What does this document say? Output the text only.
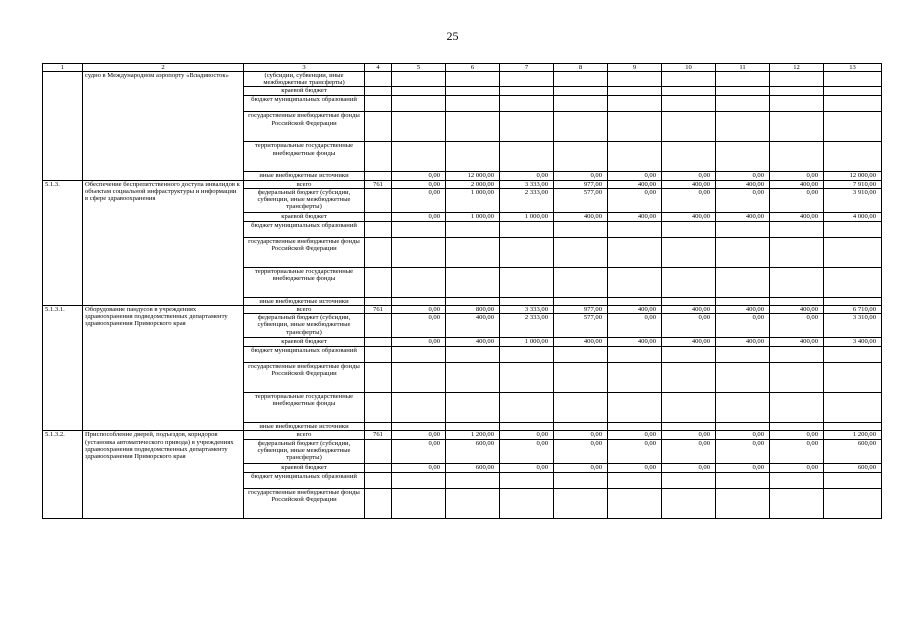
25
1	2	3	4	5	6	7	8	9	10	11	12	13
	судно в Международном аэропорту «Владивосток»	(субсидии, субвенции, иные межбюджетные трансферты)										
		краевой бюджет										
		бюджет муниципальных образований										
		государственные внебюджетные фонды Российской Федерации										
		территориальные государственные внебюджетные фонды										
		иные внебюджетные источники		0,00	12 000,00	0,00	0,00	0,00	0,00	0,00	0,00	12 000,00
5.1.3.	Обеспечение беспрепятственного доступа инвалидов к объектам социальной инфраструктуры и информации в сфере здравоохранения	всего	761	0,00	2 000,00	3 333,00	977,00	400,00	400,00	400,00	400,00	7 910,00
		федеральный бюджет (субсидии, субвенции, иные межбюджетные трансферты)		0,00	1 000,00	2 333,00	577,00	0,00	0,00	0,00	0,00	3 910,00
		краевой бюджет		0,00	1 000,00	1 000,00	400,00	400,00	400,00	400,00	400,00	4 000,00
		бюджет муниципальных образований										
		государственные внебюджетные фонды Российской Федерации										
		территориальные государственные внебюджетные фонды										
		иные внебюджетные источники										
5.1.3.1.	Оборудование пандусов в учреждениях здравоохранения подведомственных департаменту здравоохранения Приморского края	всего	761	0,00	800,00	3 333,00	977,00	400,00	400,00	400,00	400,00	6 710,00
		федеральный бюджет (субсидии, субвенции, иные межбюджетные трансферты)		0,00	400,00	2 333,00	577,00	0,00	0,00	0,00	0,00	3 310,00
		краевой бюджет		0,00	400,00	1 000,00	400,00	400,00	400,00	400,00	400,00	3 400,00
		бюджет муниципальных образований										
		государственные внебюджетные фонды Российской Федерации										
		территориальные государственные внебюджетные фонды										
		иные внебюджетные источники										
5.1.3.2.	Приспособление дверей, подъездов, коридоров (установка автоматического привода) в учреждениях здравоохранения подведомственных департаменту здравоохранения Приморского края	всего	761	0,00	1 200,00	0,00	0,00	0,00	0,00	0,00	0,00	1 200,00
		федеральный бюджет (субсидии, субвенции, иные межбюджетные трансферты)		0,00	600,00	0,00	0,00	0,00	0,00	0,00	0,00	600,00
		краевой бюджет		0,00	600,00	0,00	0,00	0,00	0,00	0,00	0,00	600,00
		бюджет муниципальных образований										
		государственные внебюджетные фонды Российской Федерации										
